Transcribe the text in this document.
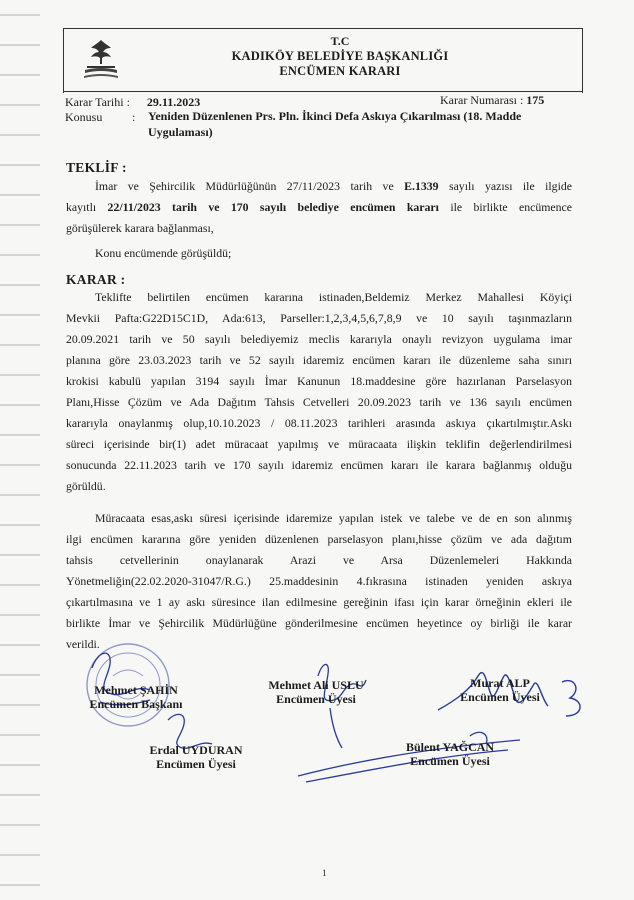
T.C
KADIKÖY BELEDİYE BAŞKANLIĞI
ENCÜMEN KARARI
Karar Tarihi : 29.11.2023	Karar Numarası : 175
Konusu : Yeniden Düzenlenen Prs. Pln. İkinci Defa Askıya Çıkarılması (18. Madde
Uygulaması)
TEKLİF :
İmar ve Şehircilik Müdürlüğünün 27/11/2023 tarih ve E.1339 sayılı yazısı ile ilgide
kayıtlı 22/11/2023 tarih ve 170 sayılı belediye encümen kararı ile birlikte encümence
görüşülerek karara bağlanması,
Konu encümende görüşüldü;
KARAR :
Teklifte belirtilen encümen kararına istinaden,Beldemiz Merkez Mahallesi Köyiçi
Mevkii Pafta:G22D15C1D, Ada:613, Parseller:1,2,3,4,5,6,7,8,9 ve 10 sayılı taşınmazların
20.09.2021 tarih ve 50 sayılı belediyemiz meclis kararıyla onaylı revizyon uygulama imar
planına göre 23.03.2023 tarih ve 52 sayılı idaremiz encümen kararı ile düzenleme saha sınırı
krokisi kabulü yapılan 3194 sayılı İmar Kanunun 18.maddesine göre hazırlanan Parselasyon
Planı,Hisse Çözüm ve Ada Dağıtım Tahsis Cetvelleri 20.09.2023 tarih ve 136 sayılı encümen
kararıyla onaylanmış olup,10.10.2023 / 08.11.2023 tarihleri arasında askıya çıkartılmıştır.Askı
süreci içerisinde bir(1) adet müracaat yapılmış ve müracaata ilişkin teklifin değerlendirilmesi
sonucunda 22.11.2023 tarih ve 170 sayılı idaremiz encümen kararı ile karara bağlanmış olduğu
görüldü.
Müracaata esas,askı süresi içerisinde idaremize yapılan istek ve talebe ve de en son alınmış
ilgi encümen kararına göre yeniden düzenlenen parselasyon planı,hisse çözüm ve ada dağıtım
tahsis cetvellerinin onaylanarak Arazi ve Arsa Düzenlemeleri Hakkında
Yönetmeliğin(22.02.2020-31047/R.G.) 25.maddesinin 4.fıkrasına istinaden yeniden askıya
çıkartılmasına ve 1 ay askı süresince ilan edilmesine gereğinin ifası için karar örneğinin ekleri ile
birlikte İmar ve Şehircilik Müdürlüğüne gönderilmesine encümen heyetince oy birliği ile karar
verildi.
Mehmet ŞAHİN
Encümen Başkanı
Mehmet Ali USLU
Encümen Üyesi
Murat ALP
Encümen Üyesi
Erdal UYDURAN
Encümen Üyesi
Bülent YAĞCAN
Encümen Üyesi
1
